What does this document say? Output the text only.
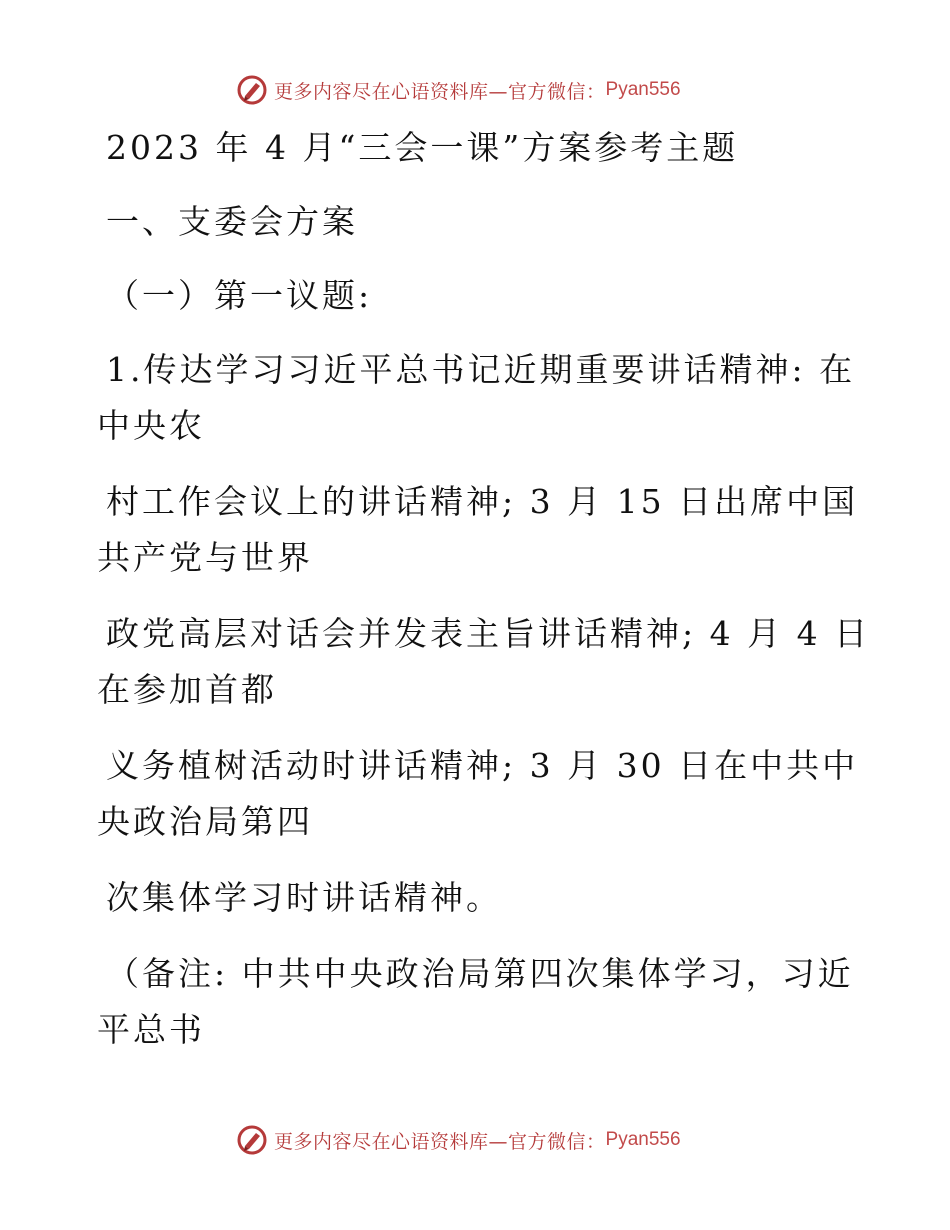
更多内容尽在心语资料库—官方微信： Pyan556
2023 年 4 月“三会一课”方案参考主题
一、支委会方案
（一）第一议题:
1.传达学习习近平总书记近期重要讲话精神: 在
中央农
村工作会议上的讲话精神; 3 月 15 日出席中国
共产党与世界
政党高层对话会并发表主旨讲话精神; 4 月 4 日
在参加首都
义务植树活动时讲话精神; 3 月 30 日在中共中
央政治局第四
次集体学习时讲话精神。
（备注: 中共中央政治局第四次集体学习，习近
平总书
更多内容尽在心语资料库—官方微信： Pyan556
